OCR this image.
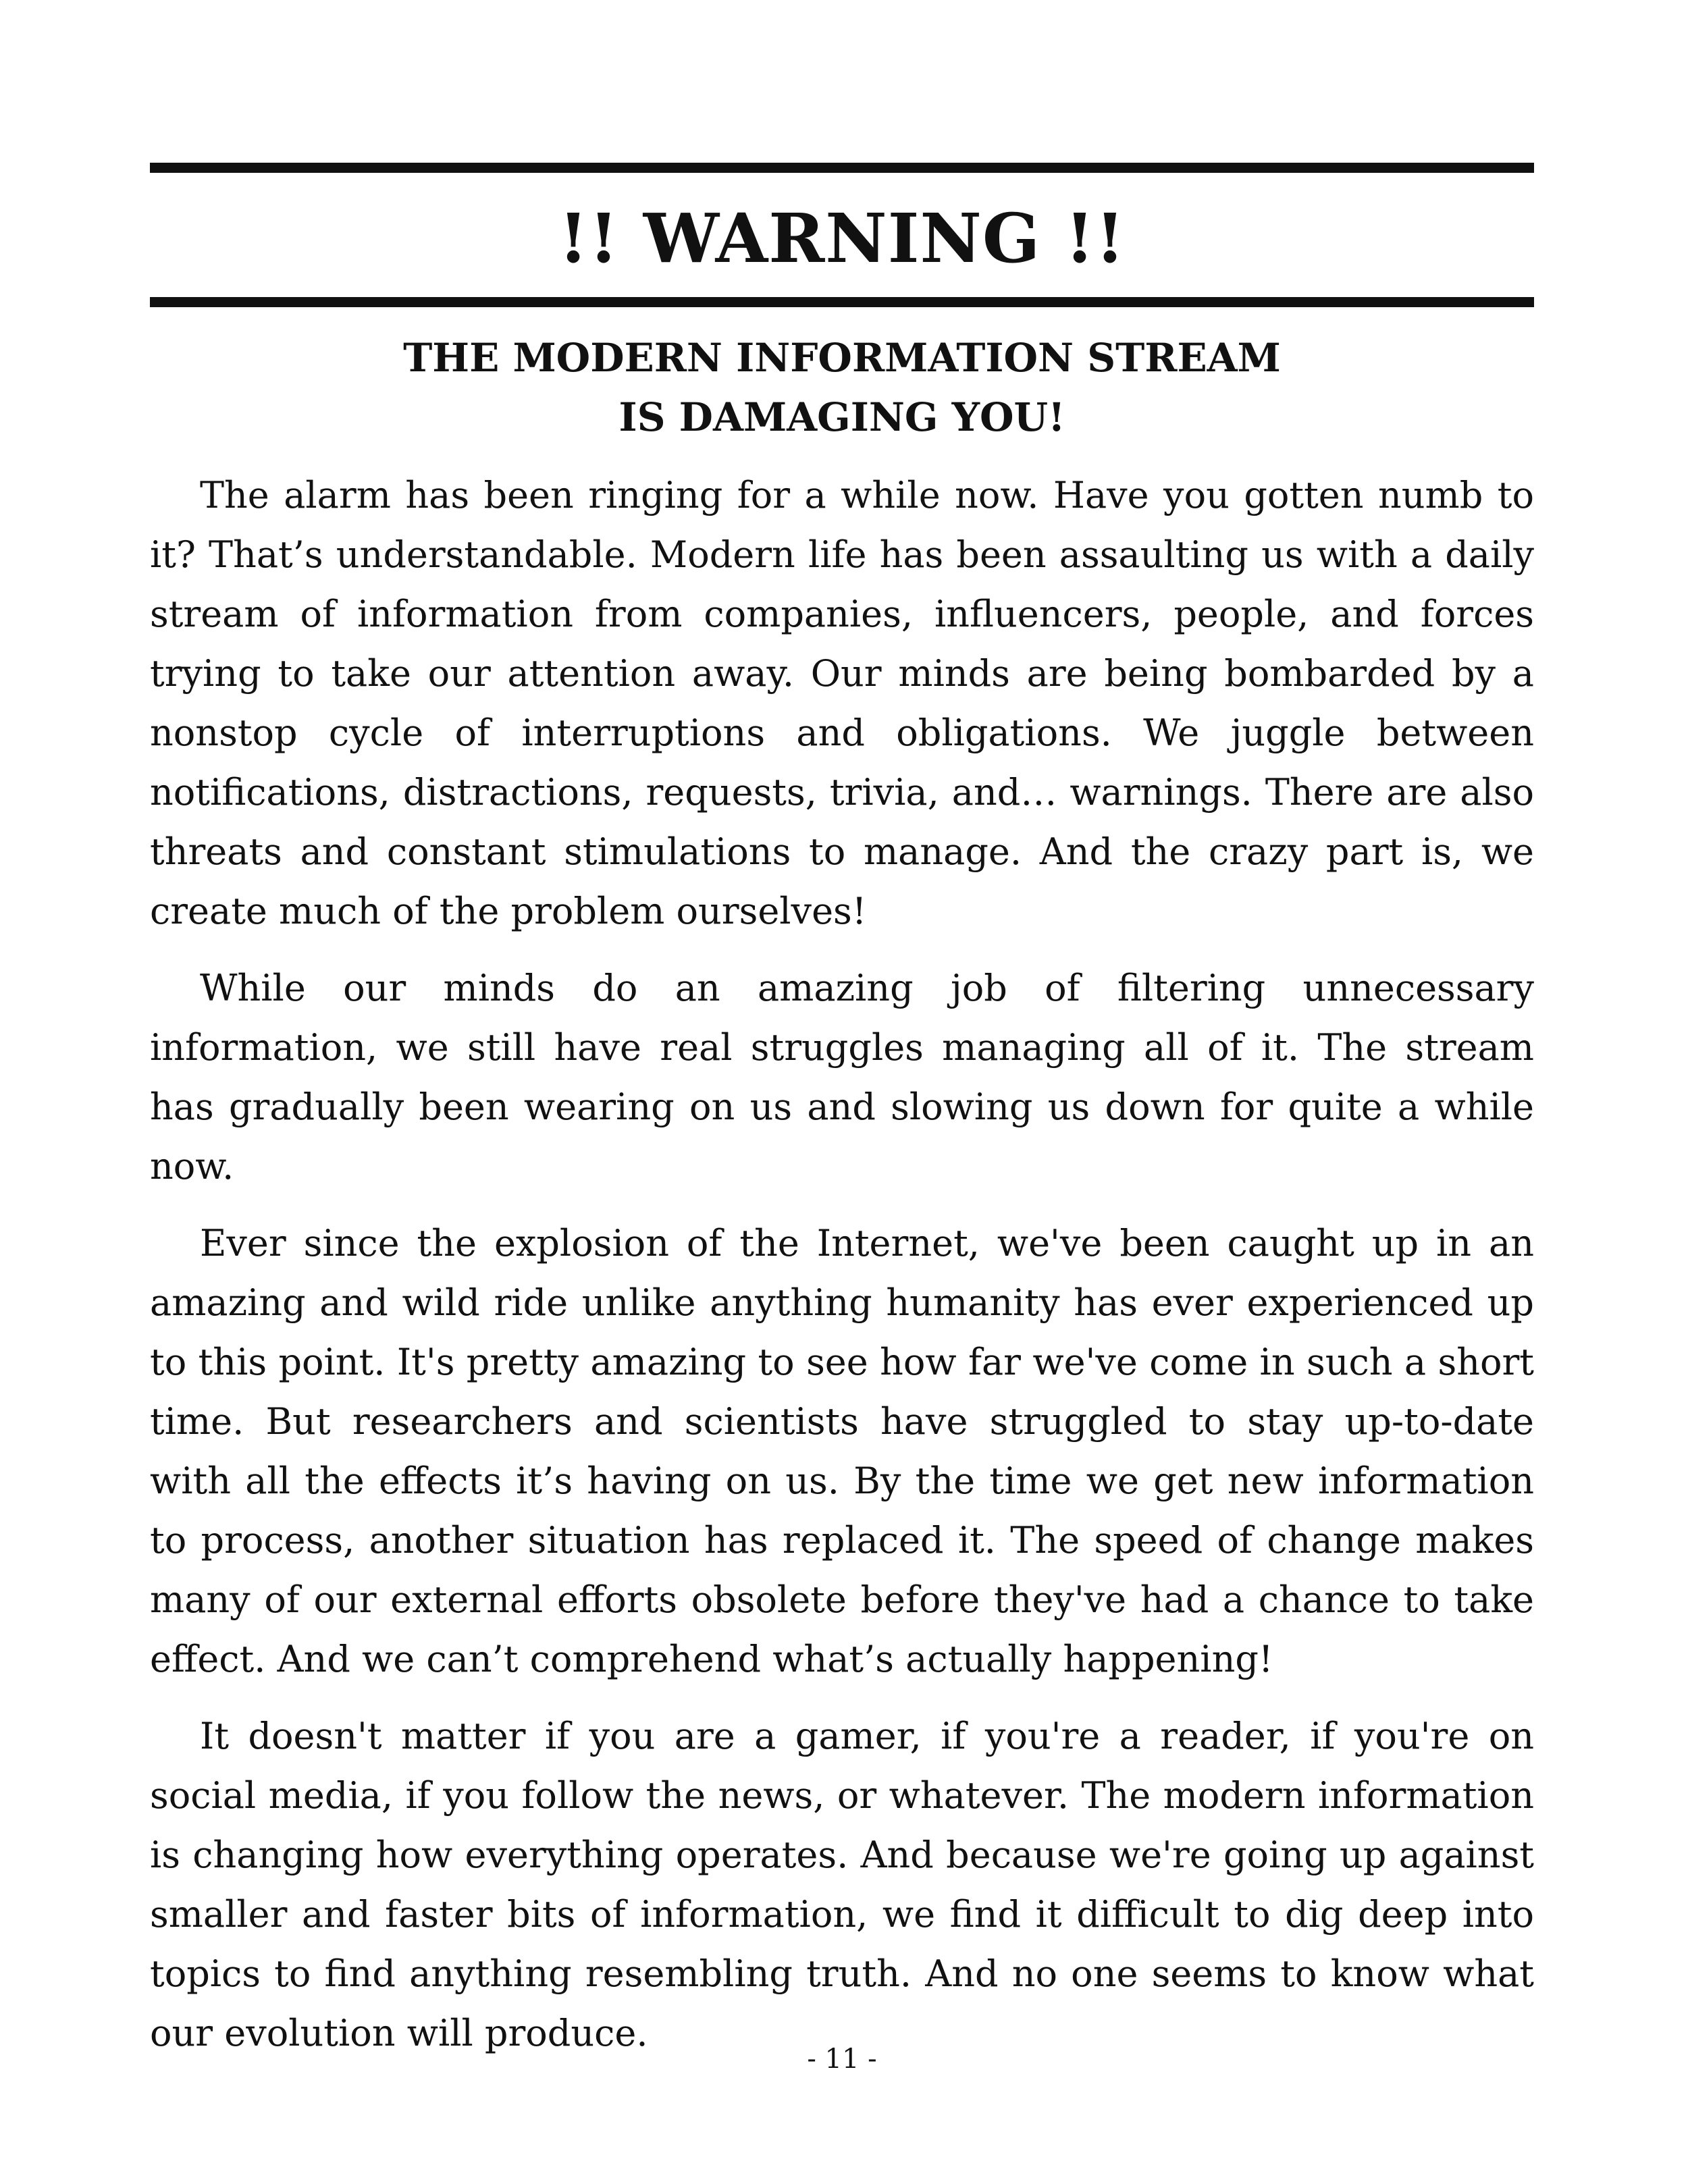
!! WARNING !!
THE MODERN INFORMATION STREAM
IS DAMAGING YOU!

The alarm has been ringing for a while now. Have you gotten numb to it? That’s understandable. Modern life has been assaulting us with a daily stream of information from companies, influencers, people, and forces trying to take our attention away. Our minds are being bombarded by a nonstop cycle of interruptions and obligations. We juggle between notifications, distractions, requests, trivia, and… warnings. There are also threats and constant stimulations to manage. And the crazy part is, we create much of the problem ourselves!

While our minds do an amazing job of filtering unnecessary information, we still have real struggles managing all of it. The stream has gradually been wearing on us and slowing us down for quite a while now.

Ever since the explosion of the Internet, we've been caught up in an amazing and wild ride unlike anything humanity has ever experienced up to this point. It's pretty amazing to see how far we've come in such a short time. But researchers and scientists have struggled to stay up-to-date with all the effects it’s having on us. By the time we get new information to process, another situation has replaced it. The speed of change makes many of our external efforts obsolete before they've had a chance to take effect. And we can’t comprehend what’s actually happening!

It doesn't matter if you are a gamer, if you're a reader, if you're on social media, if you follow the news, or whatever. The modern information is changing how everything operates. And because we're going up against smaller and faster bits of information, we find it difficult to dig deep into topics to find anything resembling truth. And no one seems to know what our evolution will produce.

- 11 -
